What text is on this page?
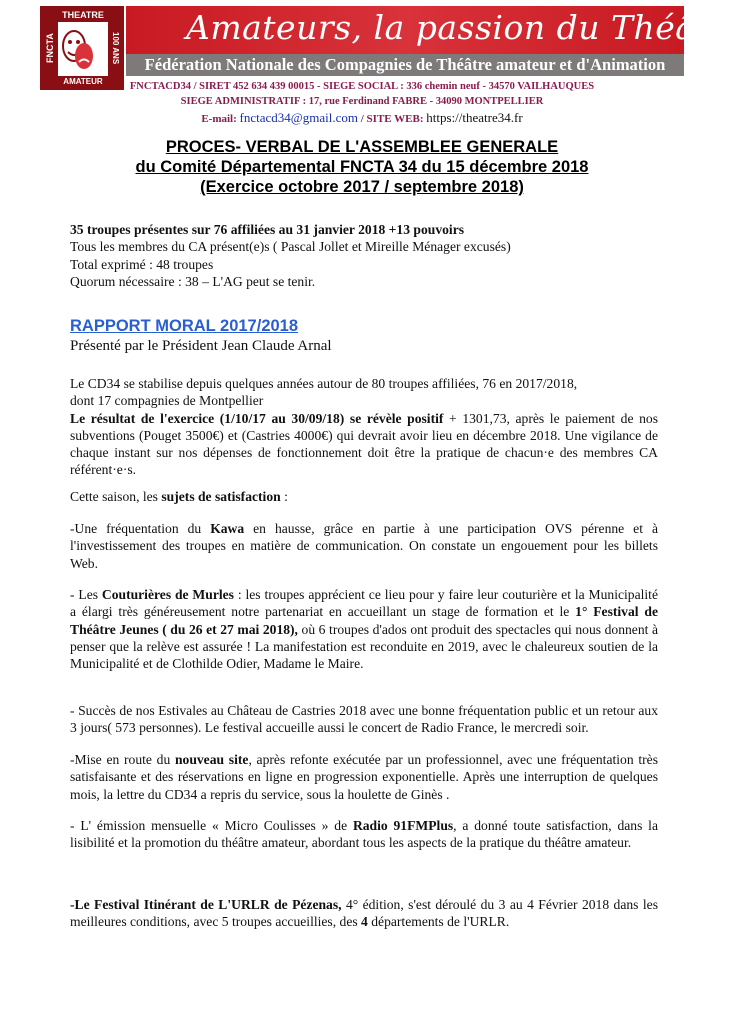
THEATRE
FNCTA	100 ANS
AMATEUR
Amateurs, la passion du Théâtre.
Fédération Nationale des Compagnies de Théâtre amateur et d'Animation
FNCTACD34 / SIRET 452 634 439 00015 - SIEGE SOCIAL : 336 chemin neuf - 34570 VAILHAUQUES
SIEGE ADMINISTRATIF : 17, rue Ferdinand FABRE - 34090 MONTPELLIER
E-mail: fnctacd34@gmail.com / SITE WEB: https://theatre34.fr
PROCES- VERBAL DE L'ASSEMBLEE GENERALE
du Comité Départemental FNCTA 34 du 15 décembre 2018
(Exercice octobre 2017 / septembre 2018)

35 troupes présentes sur 76 affiliées au 31 janvier 2018 +13 pouvoirs

Tous les membres du CA présent(e)s ( Pascal Jollet et Mireille Ménager excusés)

Total exprimé : 48 troupes

Quorum nécessaire : 38 – L'AG peut se tenir.

RAPPORT MORAL 2017/2018
Présenté par le Président Jean Claude Arnal

Le CD34 se stabilise depuis quelques années autour de 80 troupes affiliées, 76 en 2017/2018,

dont 17 compagnies de Montpellier

Le résultat de l'exercice (1/10/17 au 30/09/18) se révèle positif + 1301,73, après le paiement de nos subventions (Pouget 3500€) et (Castries 4000€) qui devrait avoir lieu en décembre 2018. Une vigilance de chaque instant sur nos dépenses de fonctionnement doit être la pratique de chacun·e des membres CA référent·e·s.

Cette saison, les sujets de satisfaction :

-Une fréquentation du Kawa en hausse, grâce en partie à une participation OVS pérenne et à l'investissement des troupes en matière de communication. On constate un engouement pour les billets Web.

- Les Couturières de Murles : les troupes apprécient ce lieu pour y faire leur couturière et la Municipalité a élargi très généreusement notre partenariat en accueillant un stage de formation et le 1° Festival de Théâtre Jeunes ( du 26 et 27 mai 2018), où 6 troupes d'ados ont produit des spectacles qui nous donnent à penser que la relève est assurée ! La manifestation est reconduite en 2019, avec le chaleureux soutien de la Municipalité et de Clothilde Odier, Madame le Maire.

- Succès de nos Estivales au Château de Castries 2018 avec une bonne fréquentation public et un retour aux 3 jours( 573 personnes). Le festival accueille aussi le concert de Radio France, le mercredi soir.

-Mise en route du nouveau site, après refonte exécutée par un professionnel, avec une fréquentation très satisfaisante et des réservations en ligne en progression exponentielle. Après une interruption de quelques mois, la lettre du CD34 a repris du service, sous la houlette de Ginès .

- L' émission mensuelle « Micro Coulisses » de Radio 91FMPlus, a donné toute satisfaction, dans la lisibilité et la promotion du théâtre amateur, abordant tous les aspects de la pratique du théâtre amateur.

-Le Festival Itinérant de L'URLR de Pézenas, 4° édition, s'est déroulé du 3 au 4 Février 2018 dans les meilleures conditions, avec 5 troupes accueillies, des 4 départements de l'URLR.
